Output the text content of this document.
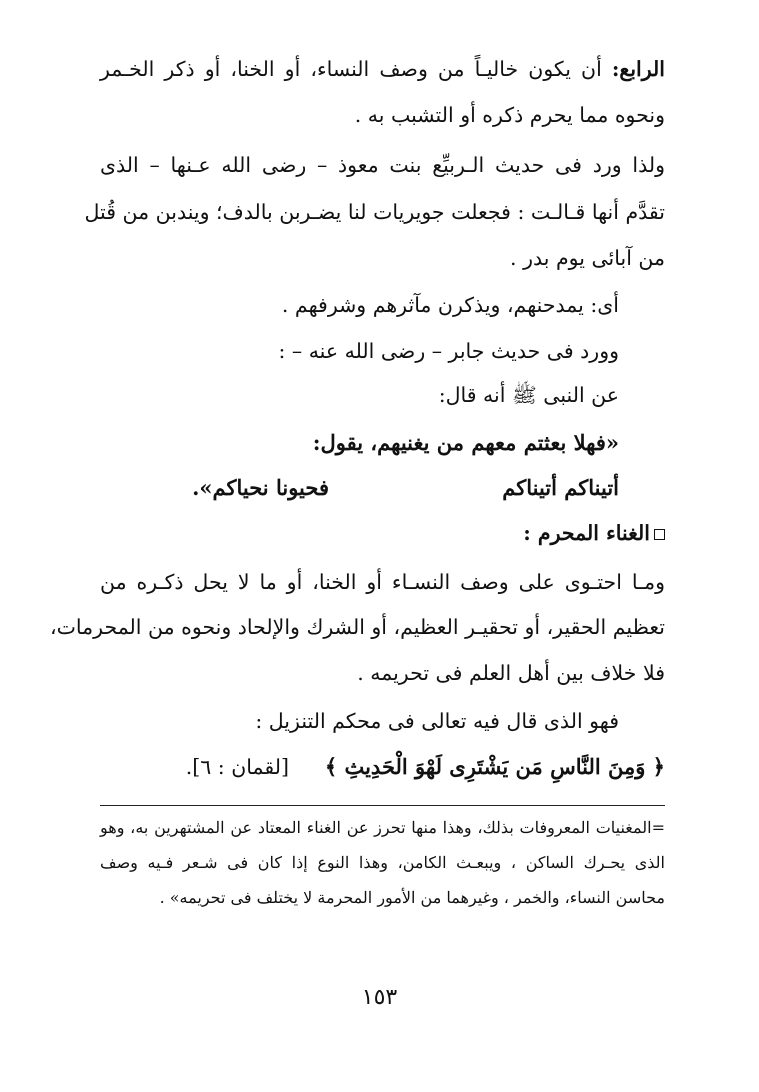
الرابع: أن يكون خاليـاً من وصف النساء، أو الخنا، أو ذكر الخـمر
ونحوه مما يحرم ذكره أو التشبب به .
ولذا ورد فى حديث الـربيِّع بنت معوذ – رضى الله عـنها – الذى
تقدَّم أنها قـالـت : فجعلت جويريات لنا يضـربن بالدف؛ ويندبن من قُتل
من آبائى يوم بدر .
أى: يمدحنهم، ويذكرن مآثرهم وشرفهم .
وورد فى حديث جابر – رضى الله عنه – :
عن النبى ﷺ أنه قال:
«فهلا بعثتم معهم من يغنيهم، يقول:
أتيناكم أتيناكم
فحيونا نحياكم».
الغناء المحرم :
ومـا احتـوى على وصف النسـاء أو الخنا، أو ما لا يحل ذكـره من
تعظيم الحقير، أو تحقيـر العظيم، أو الشرك والإلحاد ونحوه من المحرمات،
فلا خلاف بين أهل العلم فى تحريمه .
فهو الذى قال فيه تعالى فى محكم التنزيل :
﴿ وَمِنَ النَّاسِ مَن يَشْتَرِى لَهْوَ الْحَدِيثِ ﴾
[لقمان : ٦].
=المغنيات المعروفات بذلك، وهذا منها تحرز عن الغناء المعتاد عن المشتهرين به، وهو
الذى يحـرك الساكن ، ويبعـث الكامن، وهذا النوع إذا كان فى شـعر فـيه وصف
محاسن النساء، والخمر ، وغيرهما من الأمور المحرمة لا يختلف فى تحريمه» .
١٥٣
